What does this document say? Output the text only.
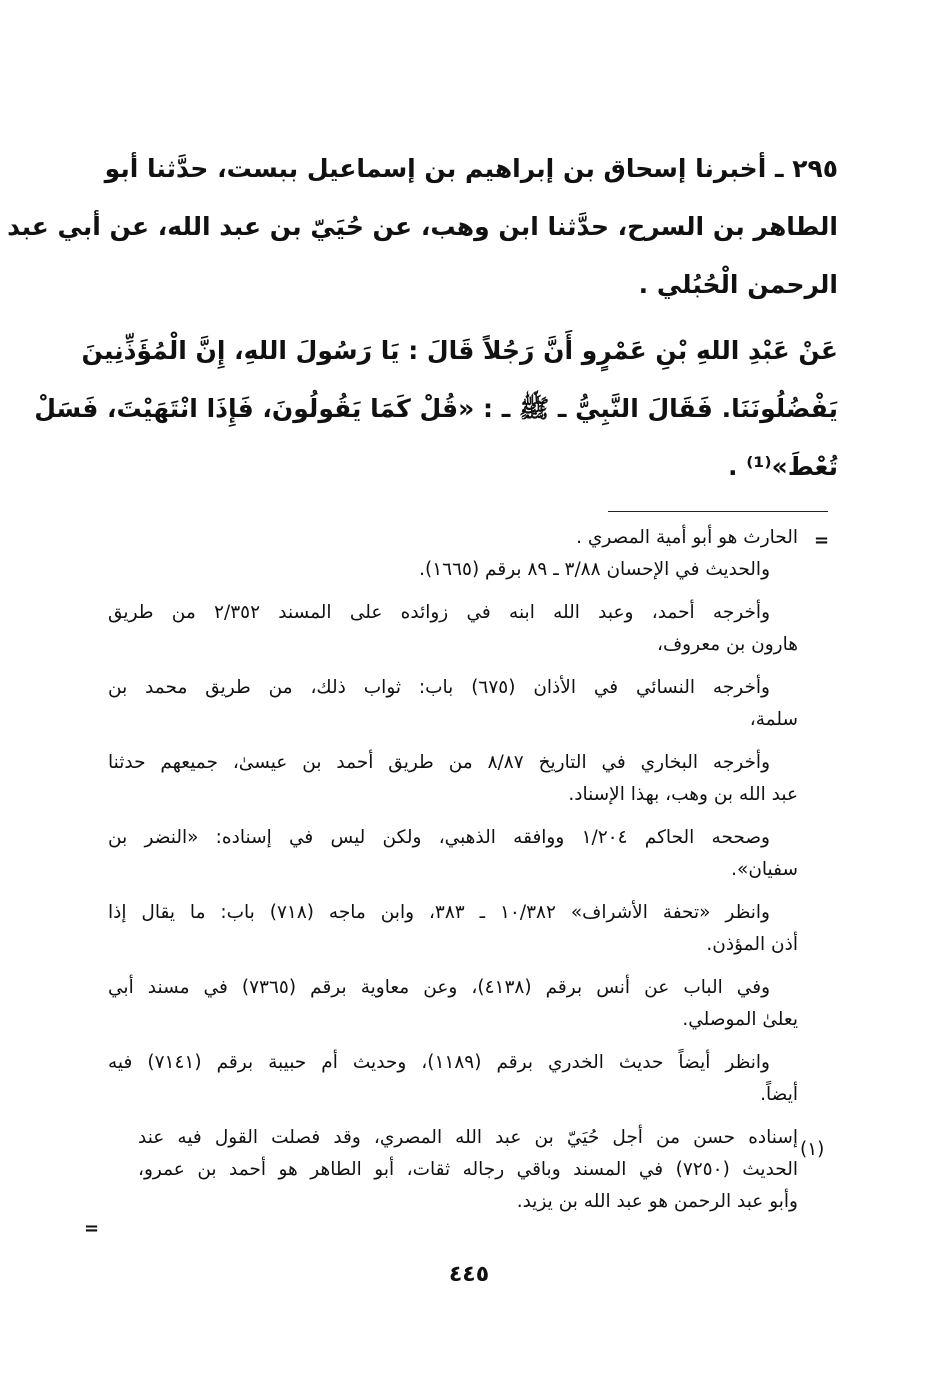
٢٩٥ ـ أخبرنا إسحاق بن إبراهيم بن إسماعيل ببست، حدَّثنا أبو
الطاهر بن السرح، حدَّثنا ابن وهب، عن حُيَيّ بن عبد الله، عن أبي عبد
الرحمن الْحُبُلي .
عَنْ عَبْدِ اللهِ بْنِ عَمْرٍو أَنَّ رَجُلاً قَالَ : يَا رَسُولَ اللهِ، إِنَّ الْمُؤَذِّنِينَ
يَفْضُلُونَنَا. فَقَالَ النَّبِيُّ ـ ﷺ ـ : «قُلْ كَمَا يَقُولُونَ، فَإِذَا انْتَهَيْتَ، فَسَلْ
تُعْطَ»⁽¹⁾ .
=
الحارث هو أبو أمية المصري .
والحديث في الإحسان ٣/٨٨ ـ ٨٩ برقم (١٦٦٥).
وأخرجه أحمد، وعبد الله ابنه في زوائده على المسند ٢/٣٥٢ من طريق
هارون بن معروف،
وأخرجه النسائي في الأذان (٦٧٥) باب: ثواب ذلك، من طريق محمد بن
سلمة،
وأخرجه البخاري في التاريخ ٨/٨٧ من طريق أحمد بن عيسىٰ، جميعهم حدثنا
عبد الله بن وهب، بهذا الإسناد.
وصححه الحاكم ١/٢٠٤ ووافقه الذهبي، ولكن ليس في إسناده: «النضر بن
سفيان».
وانظر «تحفة الأشراف» ١٠/٣٨٢ ـ ٣٨٣، وابن ماجه (٧١٨) باب: ما يقال إذا
أذن المؤذن.
وفي الباب عن أنس برقم (٤١٣٨)، وعن معاوية برقم (٧٣٦٥) في مسند أبي
يعلىٰ الموصلي.
وانظر أيضاً حديث الخدري برقم (١١٨٩)، وحديث أم حبيبة برقم (٧١٤١) فيه
أيضاً.
إسناده حسن من أجل حُيَيّ بن عبد الله المصري، وقد فصلت القول فيه عند
الحديث (٧٢٥٠) في المسند وباقي رجاله ثقات، أبو الطاهر هو أحمد بن عمرو،
وأبو عبد الرحمن هو عبد الله بن يزيد.
(١)
=
٤٤٥
